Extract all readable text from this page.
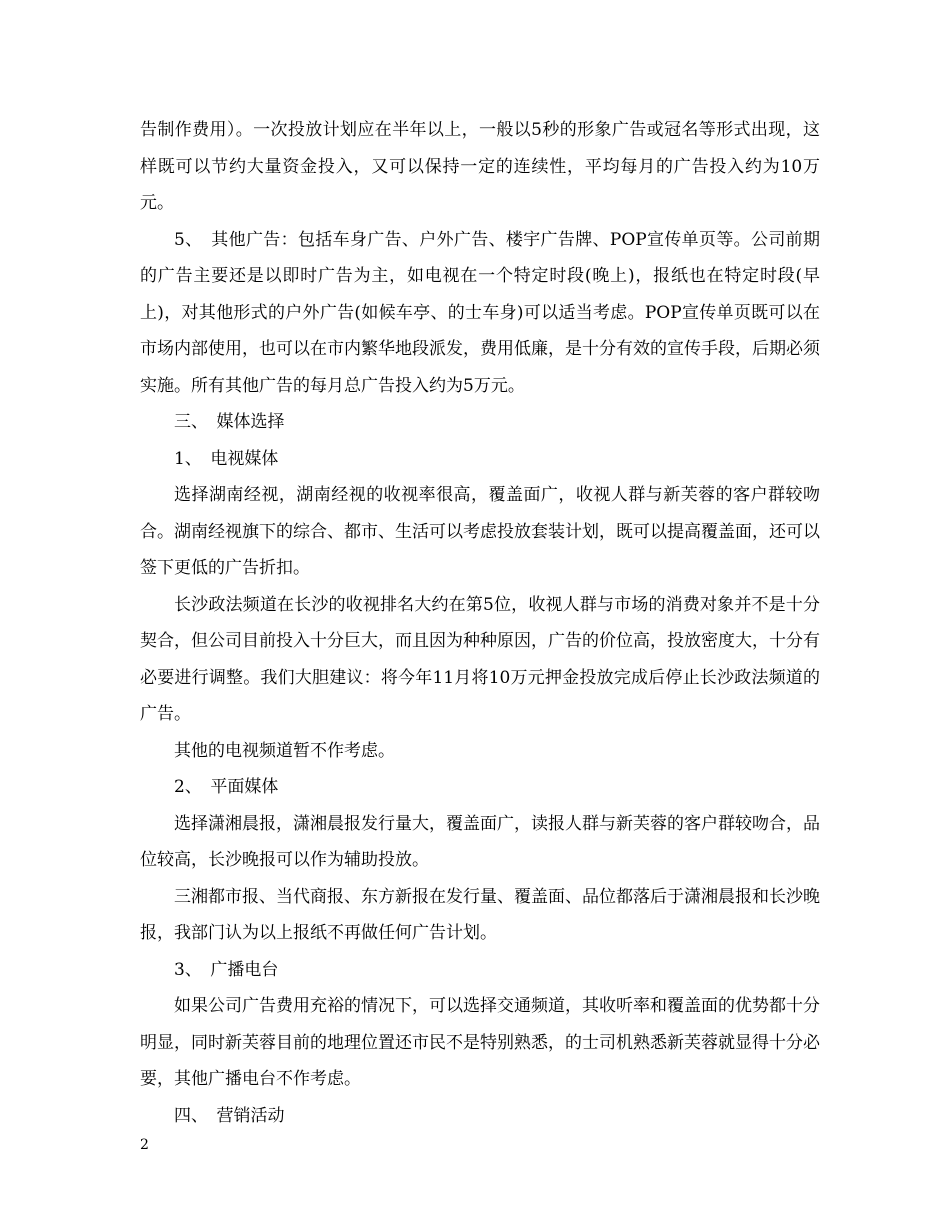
告制作费用）。一次投放计划应在半年以上，一般以5秒的形象广告或冠名等形式出现，这样既可以节约大量资金投入，又可以保持一定的连续性，平均每月的广告投入约为10万元。

5、　其他广告：包括车身广告、户外广告、楼宇广告牌、POP宣传单页等。公司前期的广告主要还是以即时广告为主，如电视在一个特定时段(晚上)，报纸也在特定时段(早上)，对其他形式的户外广告(如候车亭、的士车身)可以适当考虑。POP宣传单页既可以在市场内部使用，也可以在市内繁华地段派发，费用低廉，是十分有效的宣传手段，后期必须实施。所有其他广告的每月总广告投入约为5万元。

三、　媒体选择

1、　电视媒体

选择湖南经视，湖南经视的收视率很高，覆盖面广，收视人群与新芙蓉的客户群较吻合。湖南经视旗下的综合、都市、生活可以考虑投放套装计划，既可以提高覆盖面，还可以签下更低的广告折扣。

长沙政法频道在长沙的收视排名大约在第5位，收视人群与市场的消费对象并不是十分契合，但公司目前投入十分巨大，而且因为种种原因，广告的价位高，投放密度大，十分有必要进行调整。我们大胆建议：将今年11月将10万元押金投放完成后停止长沙政法频道的广告。

其他的电视频道暂不作考虑。

2、　平面媒体

选择潇湘晨报，潇湘晨报发行量大，覆盖面广，读报人群与新芙蓉的客户群较吻合，品位较高，长沙晚报可以作为辅助投放。

三湘都市报、当代商报、东方新报在发行量、覆盖面、品位都落后于潇湘晨报和长沙晚报，我部门认为以上报纸不再做任何广告计划。

3、　广播电台

如果公司广告费用充裕的情况下，可以选择交通频道，其收听率和覆盖面的优势都十分明显，同时新芙蓉目前的地理位置还市民不是特别熟悉，的士司机熟悉新芙蓉就显得十分必要，其他广播电台不作考虑。

四、　营销活动

2
